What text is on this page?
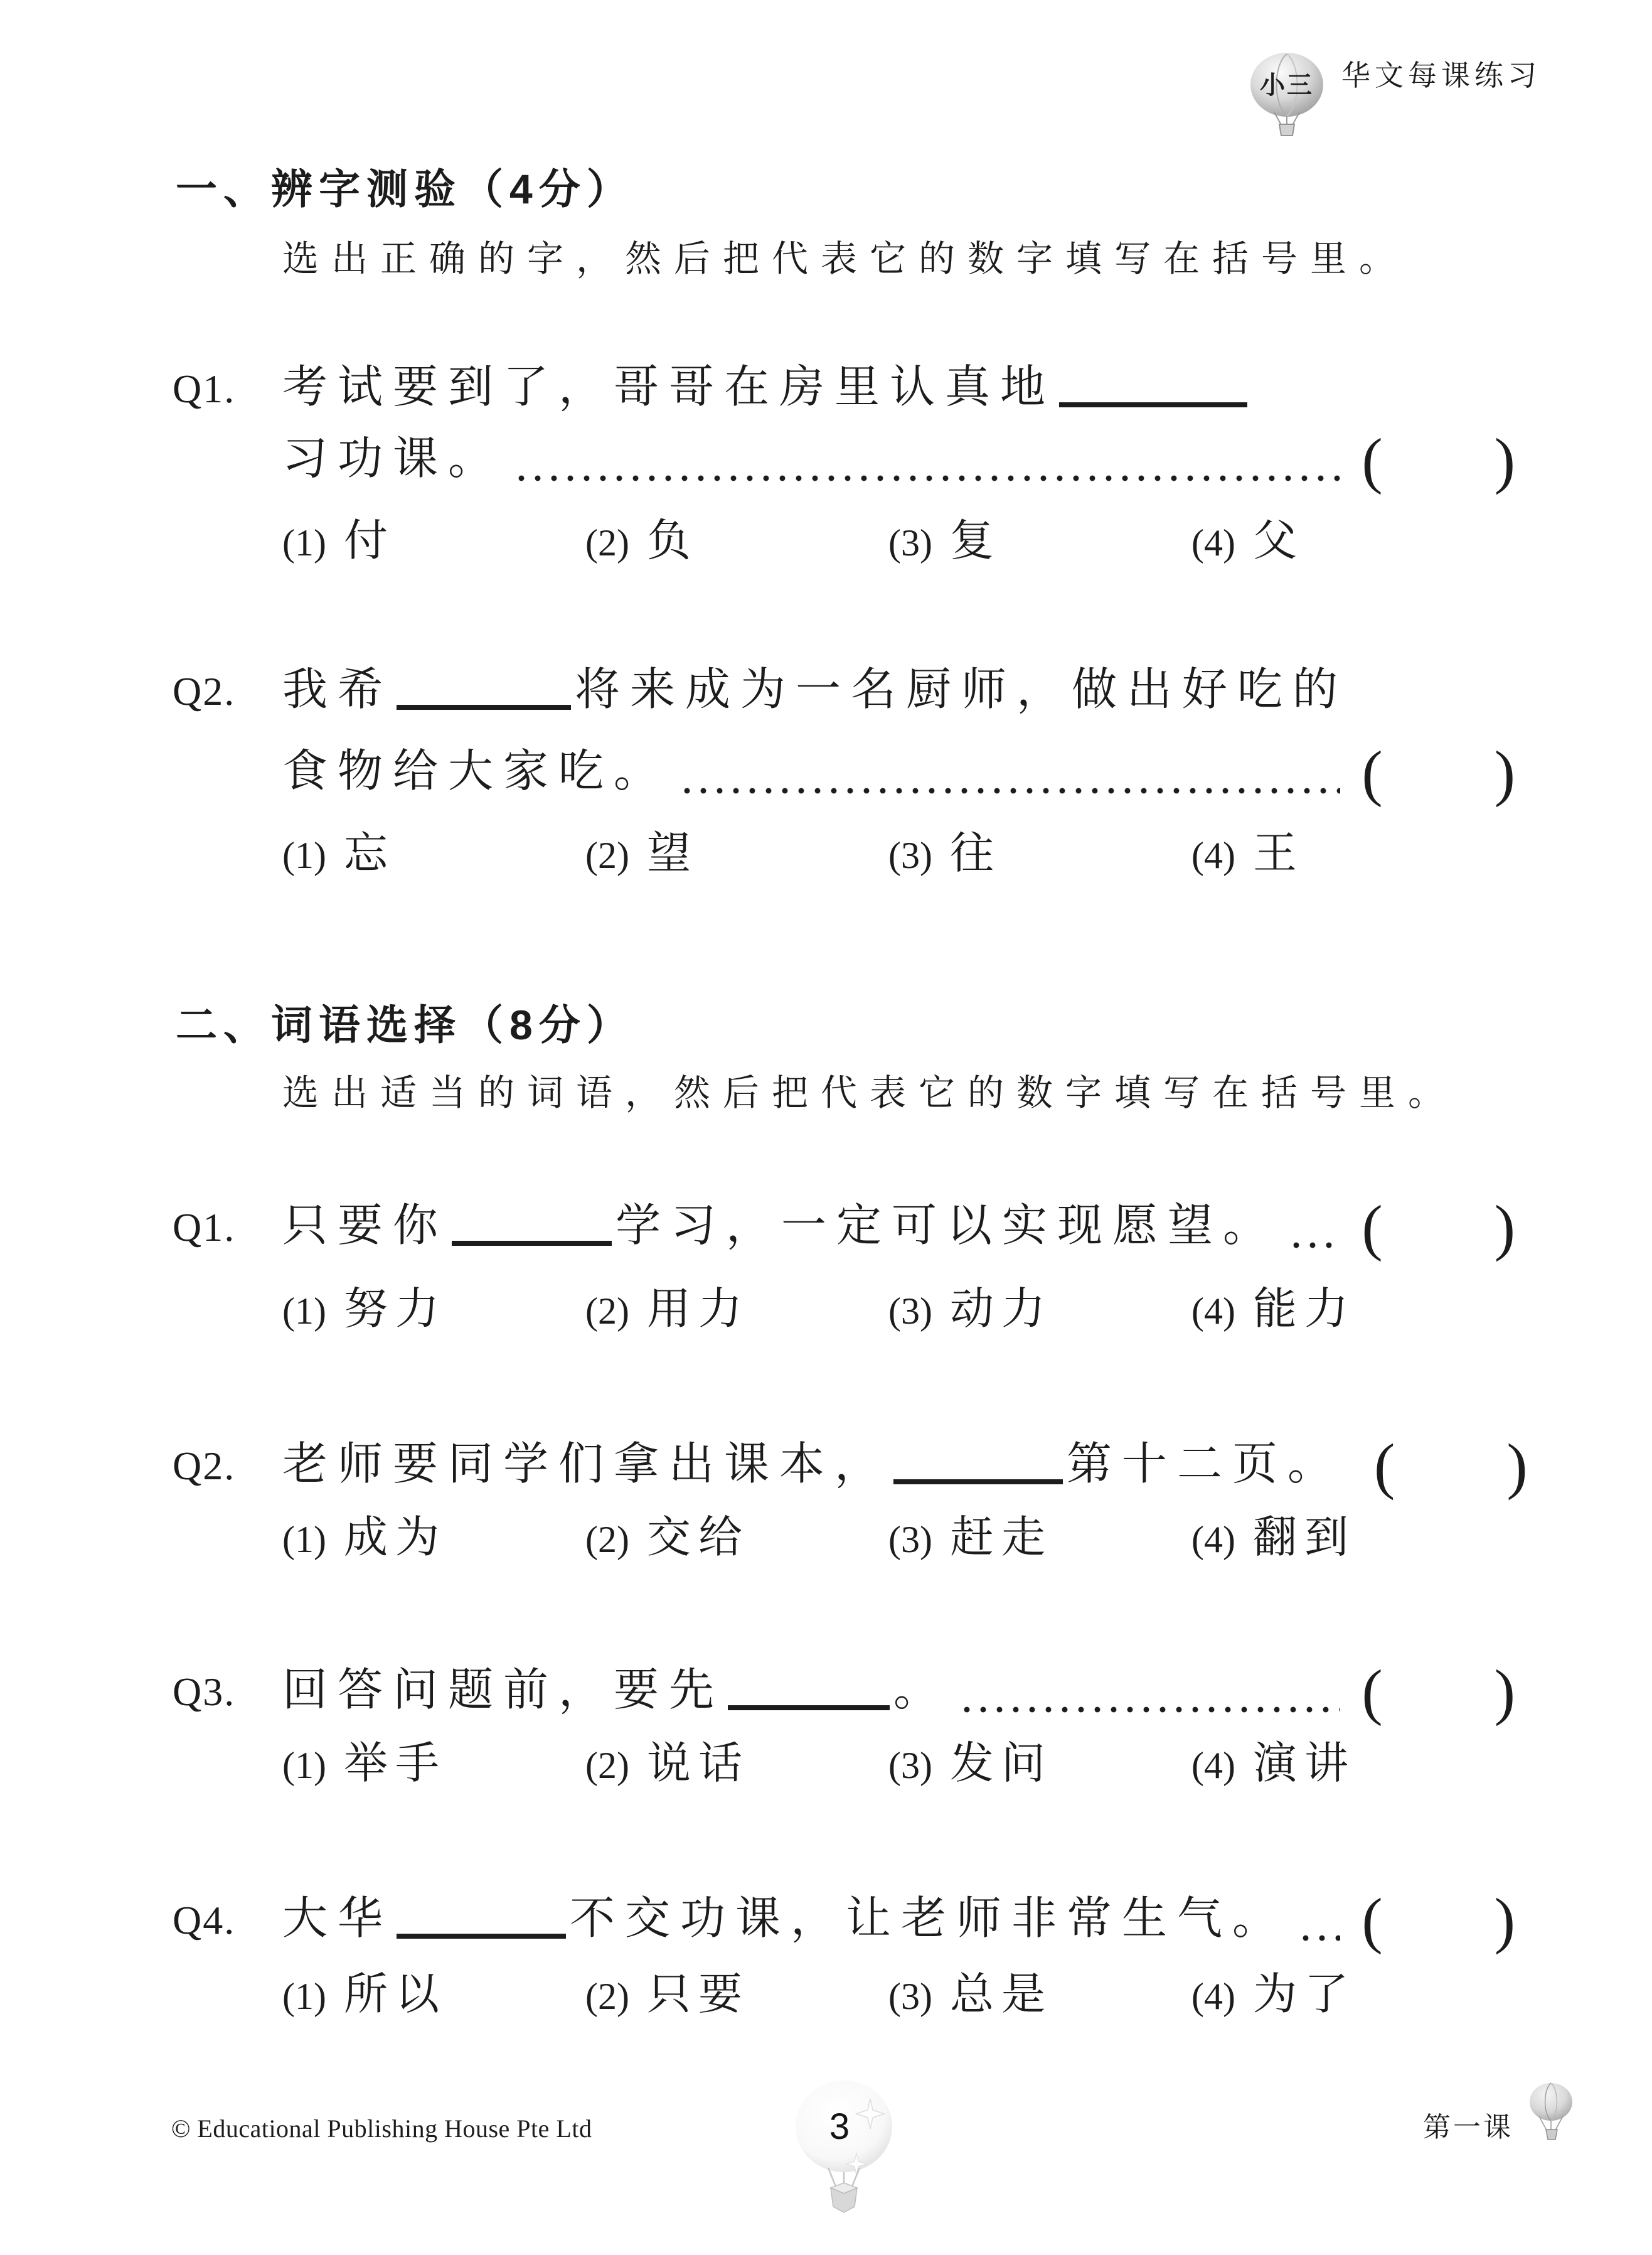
小三 华文每课练习
一、辨字测验（4分）
选出正确的字，然后把代表它的数字填写在括号里。
Q1. 考试要到了，哥哥在房里认真地
习功课。	( )
(1) 付	(2) 负	(3) 复	(4) 父
Q2. 我希	将来成为一名厨师，做出好吃的
食物给大家吃。	( )
(1) 忘	(2) 望	(3) 往	(4) 王
二、词语选择（8分）
选出适当的词语，然后把代表它的数字填写在括号里。
Q1. 只要你	学习，一定可以实现愿望。 ( )
(1) 努力	(2) 用力	(3) 动力	(4) 能力
Q2. 老师要同学们拿出课本，	第十二页。 ( )
(1) 成为	(2) 交给	(3) 赶走	(4) 翻到
Q3. 回答问题前，要先	。	( )
(1) 举手	(2) 说话	(3) 发问	(4) 演讲
Q4. 大华	不交功课，让老师非常生气。 ( )
(1) 所以	(2) 只要	(3) 总是	(4) 为了
© Educational Publishing House Pte Ltd	3	第一课
